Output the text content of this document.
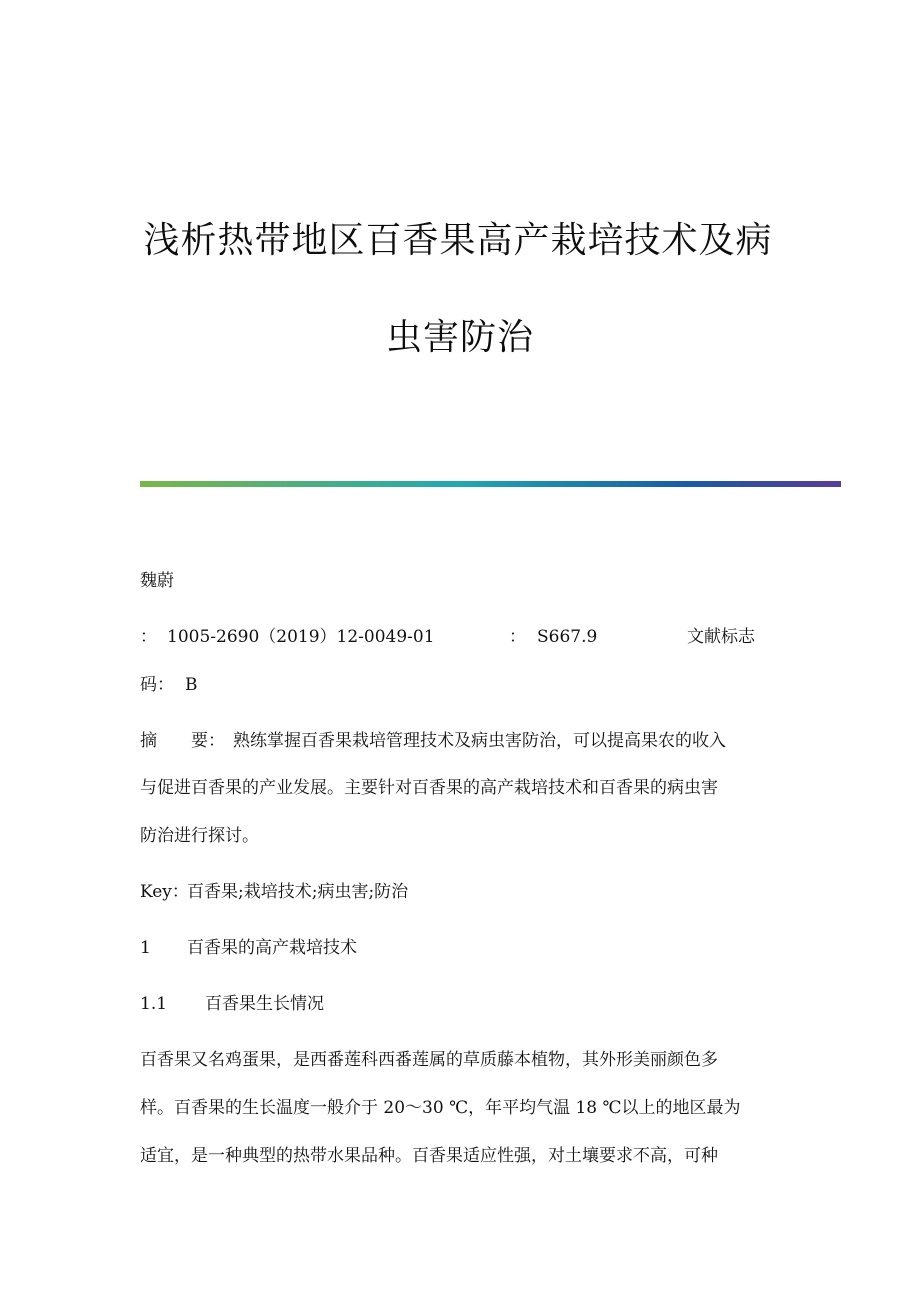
浅析热带地区百香果高产栽培技术及病
虫害防治
魏蔚
： 1005-2690（2019）12-0049-01	： S667.9	文献标志
码： B
摘　　要： 熟练掌握百香果栽培管理技术及病虫害防治，可以提高果农的收入
与促进百香果的产业发展。主要针对百香果的高产栽培技术和百香果的病虫害
防治进行探讨。
Key：
百香果;栽培技术;病虫害;防治
1 百香果的高产栽培技术
1.1 百香果生长情况
百香果又名鸡蛋果，是西番莲科西番莲属的草质藤本植物，其外形美丽颜色多
样。百香果的生长温度一般介于 20～30 ℃，年平均气温 18 ℃以上的地区最为
适宜，是一种典型的热带水果品种。百香果适应性强，对土壤要求不高，可种
